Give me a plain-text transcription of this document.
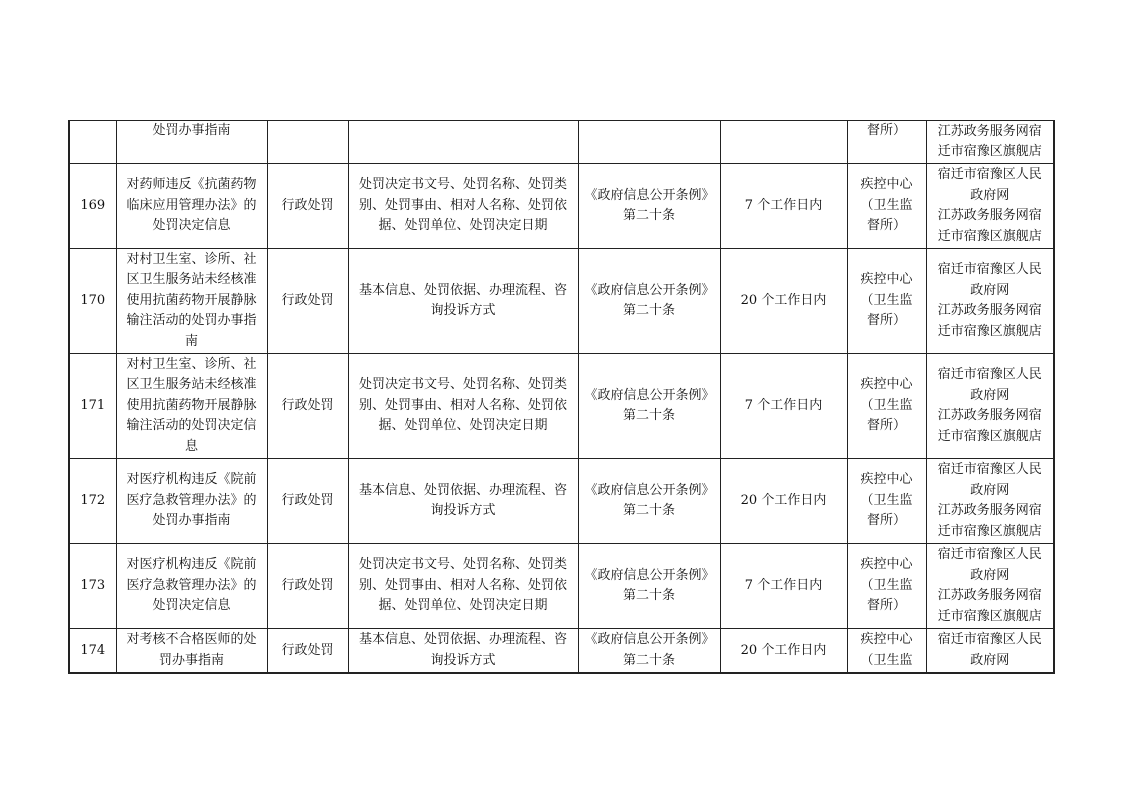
	处罚办事指南					督所）	江苏政务服务网宿
迁市宿豫区旗舰店

169	对药师违反《抗菌药物
临床应用管理办法》的
处罚决定信息	行政处罚	处罚决定书文号、处罚名称、处罚类
别、处罚事由、相对人名称、处罚依
据、处罚单位、处罚决定日期	《政府信息公开条例》
第二十条	7 个工作日内	疾控中心
（卫生监
督所）	宿迁市宿豫区人民
政府网
江苏政务服务网宿
迁市宿豫区旗舰店

170	对村卫生室、诊所、社
区卫生服务站未经核准
使用抗菌药物开展静脉
输注活动的处罚办事指
南	行政处罚	基本信息、处罚依据、办理流程、咨
询投诉方式	《政府信息公开条例》
第二十条	20 个工作日内	疾控中心
（卫生监
督所）	宿迁市宿豫区人民
政府网
江苏政务服务网宿
迁市宿豫区旗舰店

171	对村卫生室、诊所、社
区卫生服务站未经核准
使用抗菌药物开展静脉
输注活动的处罚决定信
息	行政处罚	处罚决定书文号、处罚名称、处罚类
别、处罚事由、相对人名称、处罚依
据、处罚单位、处罚决定日期	《政府信息公开条例》
第二十条	7 个工作日内	疾控中心
（卫生监
督所）	宿迁市宿豫区人民
政府网
江苏政务服务网宿
迁市宿豫区旗舰店

172	对医疗机构违反《院前
医疗急救管理办法》的
处罚办事指南	行政处罚	基本信息、处罚依据、办理流程、咨
询投诉方式	《政府信息公开条例》
第二十条	20 个工作日内	疾控中心
（卫生监
督所）	宿迁市宿豫区人民
政府网
江苏政务服务网宿
迁市宿豫区旗舰店

173	对医疗机构违反《院前
医疗急救管理办法》的
处罚决定信息	行政处罚	处罚决定书文号、处罚名称、处罚类
别、处罚事由、相对人名称、处罚依
据、处罚单位、处罚决定日期	《政府信息公开条例》
第二十条	7 个工作日内	疾控中心
（卫生监
督所）	宿迁市宿豫区人民
政府网
江苏政务服务网宿
迁市宿豫区旗舰店

174	对考核不合格医师的处
罚办事指南	行政处罚	基本信息、处罚依据、办理流程、咨
询投诉方式	《政府信息公开条例》
第二十条	20 个工作日内	疾控中心
（卫生监	宿迁市宿豫区人民
政府网
